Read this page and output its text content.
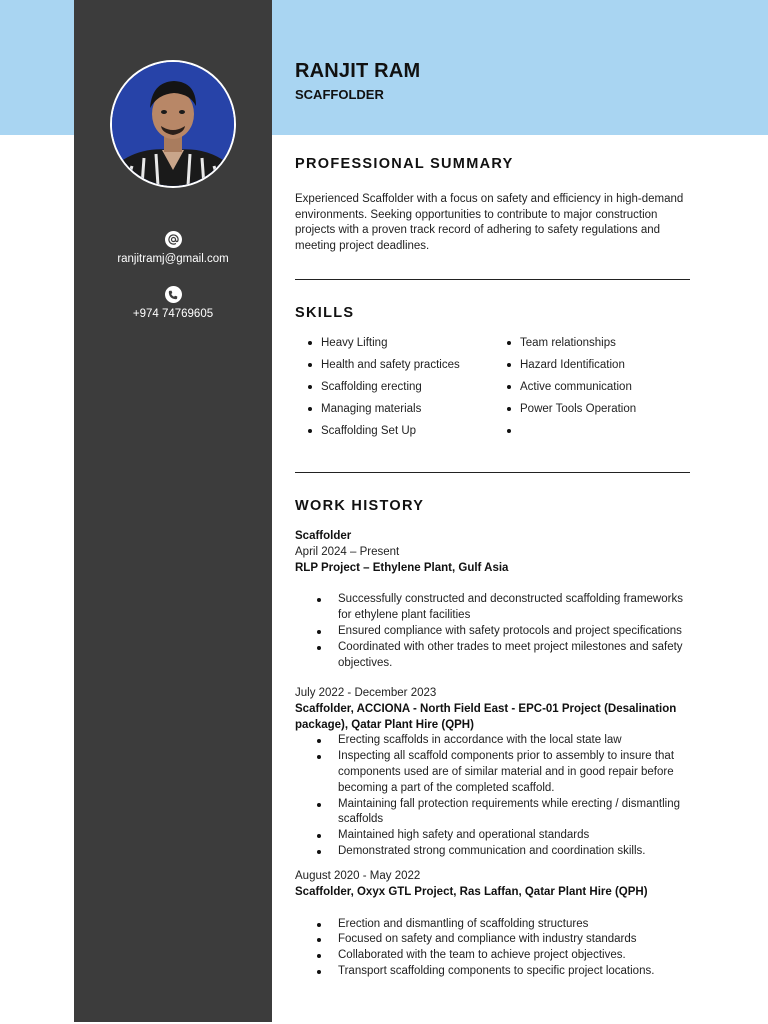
ranjitramj@gmail.com
+974 74769605
RANJIT RAM
SCAFFOLDER
PROFESSIONAL SUMMARY

Experienced Scaffolder with a focus on safety and efficiency in high-demand environments. Seeking opportunities to contribute to major construction projects with a proven track record of adhering to safety regulations and meeting project deadlines.

SKILLS
Heavy Lifting
Health and safety practices
Scaffolding erecting
Managing materials
Scaffolding Set Up
Team relationships
Hazard Identification
Active communication
Power Tools Operation
WORK HISTORY
Scaffolder
April 2024 – Present
RLP Project – Ethylene Plant, Gulf Asia
Successfully constructed and deconstructed scaffolding frameworks for ethylene plant facilities
Ensured compliance with safety protocols and project specifications
Coordinated with other trades to meet project milestones and safety objectives.
July 2022 - December 2023
Scaffolder, ACCIONA - North Field East - EPC-01 Project (Desalination package), Qatar Plant Hire (QPH)
Erecting scaffolds in accordance with the local state law
Inspecting all scaffold components prior to assembly to insure that components used are of similar material and in good repair before becoming a part of the completed scaffold.
Maintaining fall protection requirements while erecting / dismantling scaffolds
Maintained high safety and operational standards
Demonstrated strong communication and coordination skills.
August 2020 - May 2022
Scaffolder, Oxyx GTL Project, Ras Laffan, Qatar Plant Hire (QPH)
Erection and dismantling of scaffolding structures
Focused on safety and compliance with industry standards
Collaborated with the team to achieve project objectives.
Transport scaffolding components to specific project locations.
